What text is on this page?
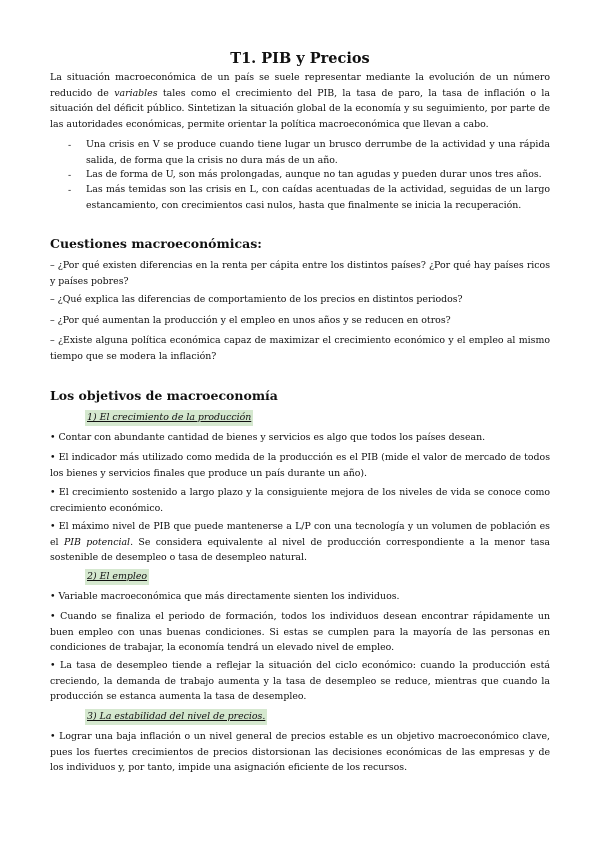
T1. PIB y Precios
La situación macroeconómica de un país se suele representar mediante la evolución de un número reducido de variables tales como el crecimiento del PIB, la tasa de paro, la tasa de inflación o la situación del déficit público. Sintetizan la situación global de la economía y su seguimiento, por parte de las autoridades económicas, permite orientar la política macroeconómica que llevan a cabo.
- Una crisis en V se produce cuando tiene lugar un brusco derrumbe de la actividad y una rápida salida, de forma que la crisis no dura más de un año.
- Las de forma de U, son más prolongadas, aunque no tan agudas y pueden durar unos tres años.
- Las más temidas son las crisis en L, con caídas acentuadas de la actividad, seguidas de un largo estancamiento, con crecimientos casi nulos, hasta que finalmente se inicia la recuperación.
Cuestiones macroeconómicas:
– ¿Por qué existen diferencias en la renta per cápita entre los distintos países? ¿Por qué hay países ricos y países pobres?
– ¿Qué explica las diferencias de comportamiento de los precios en distintos periodos?
– ¿Por qué aumentan la producción y el empleo en unos años y se reducen en otros?
– ¿Existe alguna política económica capaz de maximizar el crecimiento económico y el empleo al mismo tiempo que se modera la inflación?
Los objetivos de macroeconomía
1) El crecimiento de la producción
• Contar con abundante cantidad de bienes y servicios es algo que todos los países desean.
• El indicador más utilizado como medida de la producción es el PIB (mide el valor de mercado de todos los bienes y servicios finales que produce un país durante un año).
• El crecimiento sostenido a largo plazo y la consiguiente mejora de los niveles de vida se conoce como crecimiento económico.
• El máximo nivel de PIB que puede mantenerse a L/P con una tecnología y un volumen de población es el PIB potencial. Se considera equivalente al nivel de producción correspondiente a la menor tasa sostenible de desempleo o tasa de desempleo natural.
2) El empleo
• Variable macroeconómica que más directamente sienten los individuos.
• Cuando se finaliza el periodo de formación, todos los individuos desean encontrar rápidamente un buen empleo con unas buenas condiciones. Si estas se cumplen para la mayoría de las personas en condiciones de trabajar, la economía tendrá un elevado nivel de empleo.
• La tasa de desempleo tiende a reflejar la situación del ciclo económico: cuando la producción está creciendo, la demanda de trabajo aumenta y la tasa de desempleo se reduce, mientras que cuando la producción se estanca aumenta la tasa de desempleo.
3) La estabilidad del nivel de precios.
• Lograr una baja inflación o un nivel general de precios estable es un objetivo macroeconómico clave, pues los fuertes crecimientos de precios distorsionan las decisiones económicas de las empresas y de los individuos y, por tanto, impide una asignación eficiente de los recursos.
